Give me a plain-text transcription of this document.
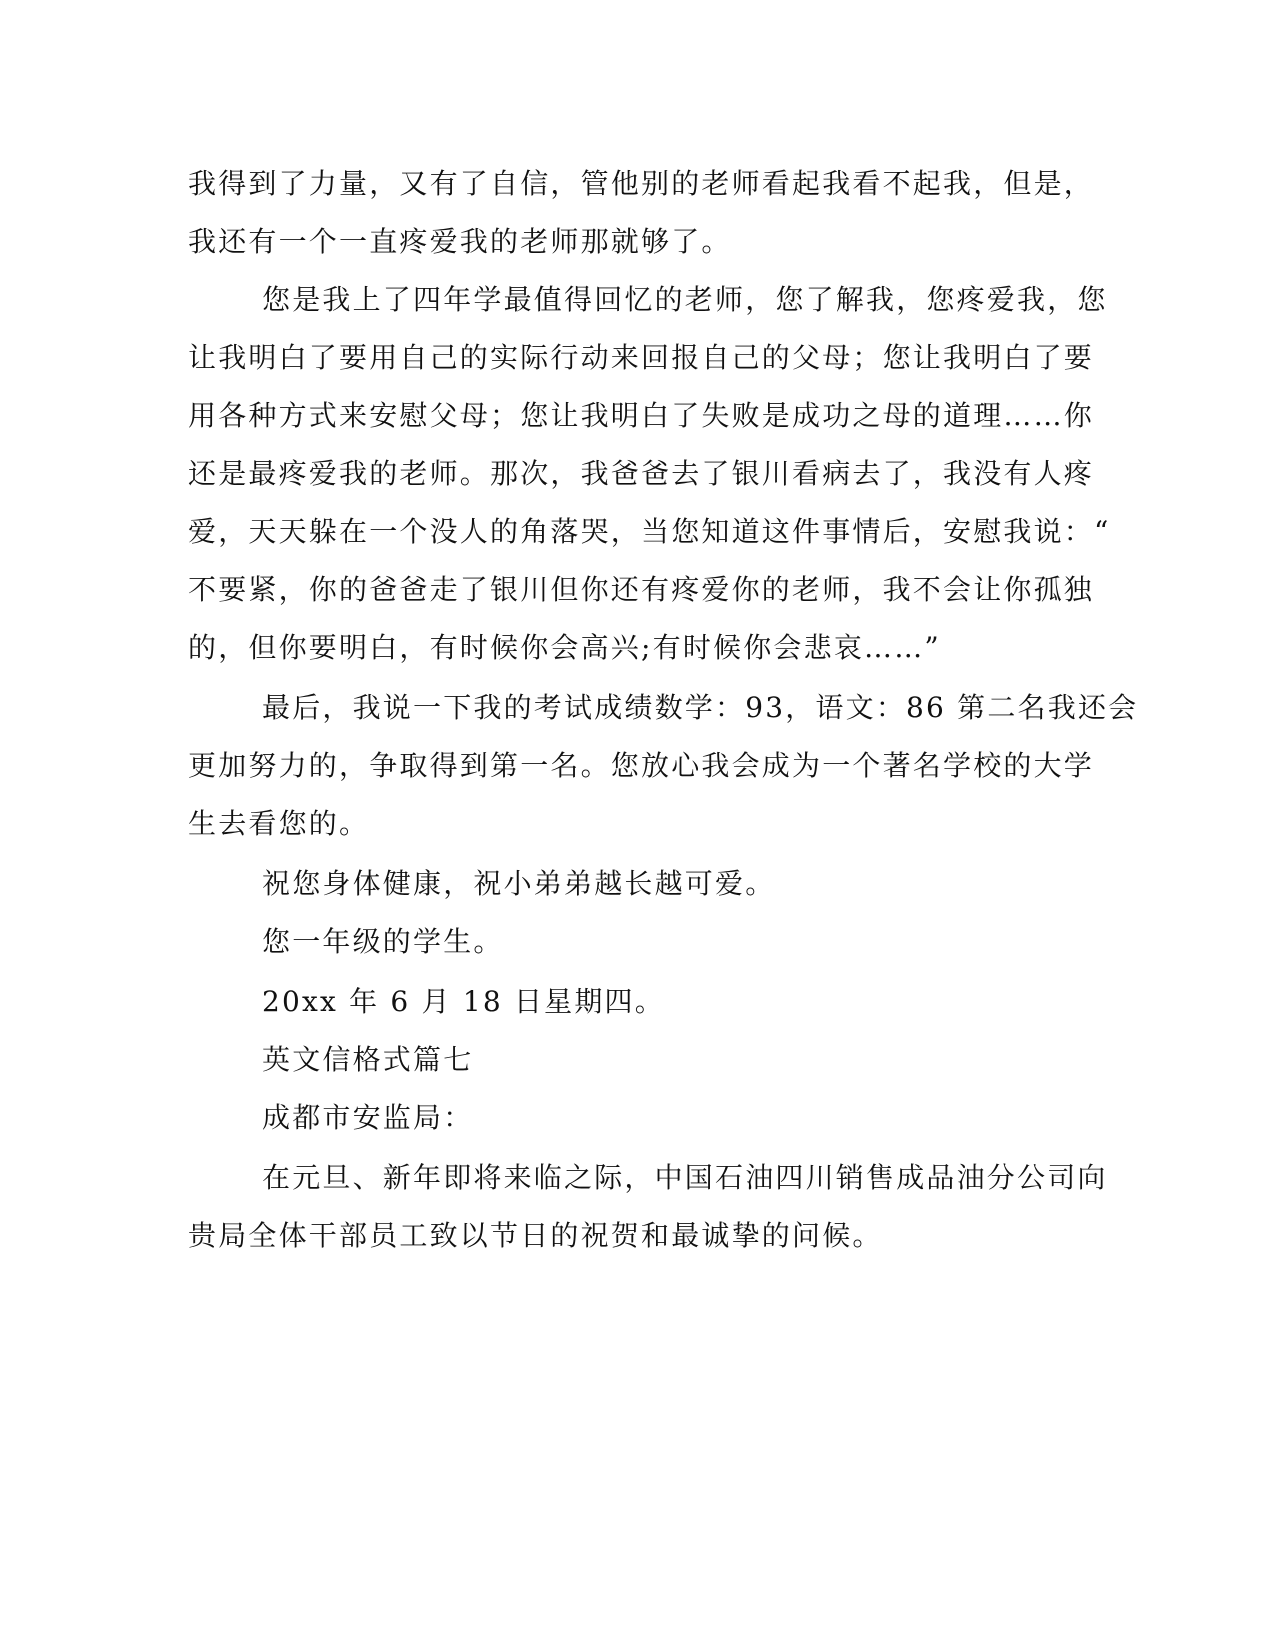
我得到了力量，又有了自信，管他别的老师看起我看不起我，但是，
我还有一个一直疼爱我的老师那就够了。
您是我上了四年学最值得回忆的老师，您了解我，您疼爱我，您
让我明白了要用自己的实际行动来回报自己的父母；您让我明白了要
用各种方式来安慰父母；您让我明白了失败是成功之母的道理……你
还是最疼爱我的老师。那次，我爸爸去了银川看病去了，我没有人疼
爱，天天躲在一个没人的角落哭，当您知道这件事情后，安慰我说：“
不要紧，你的爸爸走了银川但你还有疼爱你的老师，我不会让你孤独
的，但你要明白，有时候你会高兴;有时候你会悲哀……”
最后，我说一下我的考试成绩数学：93，语文：86 第二名我还会
更加努力的，争取得到第一名。您放心我会成为一个著名学校的大学
生去看您的。
祝您身体健康，祝小弟弟越长越可爱。
您一年级的学生。
20xx 年 6 月 18 日星期四。
英文信格式篇七
成都市安监局：
在元旦、新年即将来临之际，中国石油四川销售成品油分公司向
贵局全体干部员工致以节日的祝贺和最诚挚的问候。
